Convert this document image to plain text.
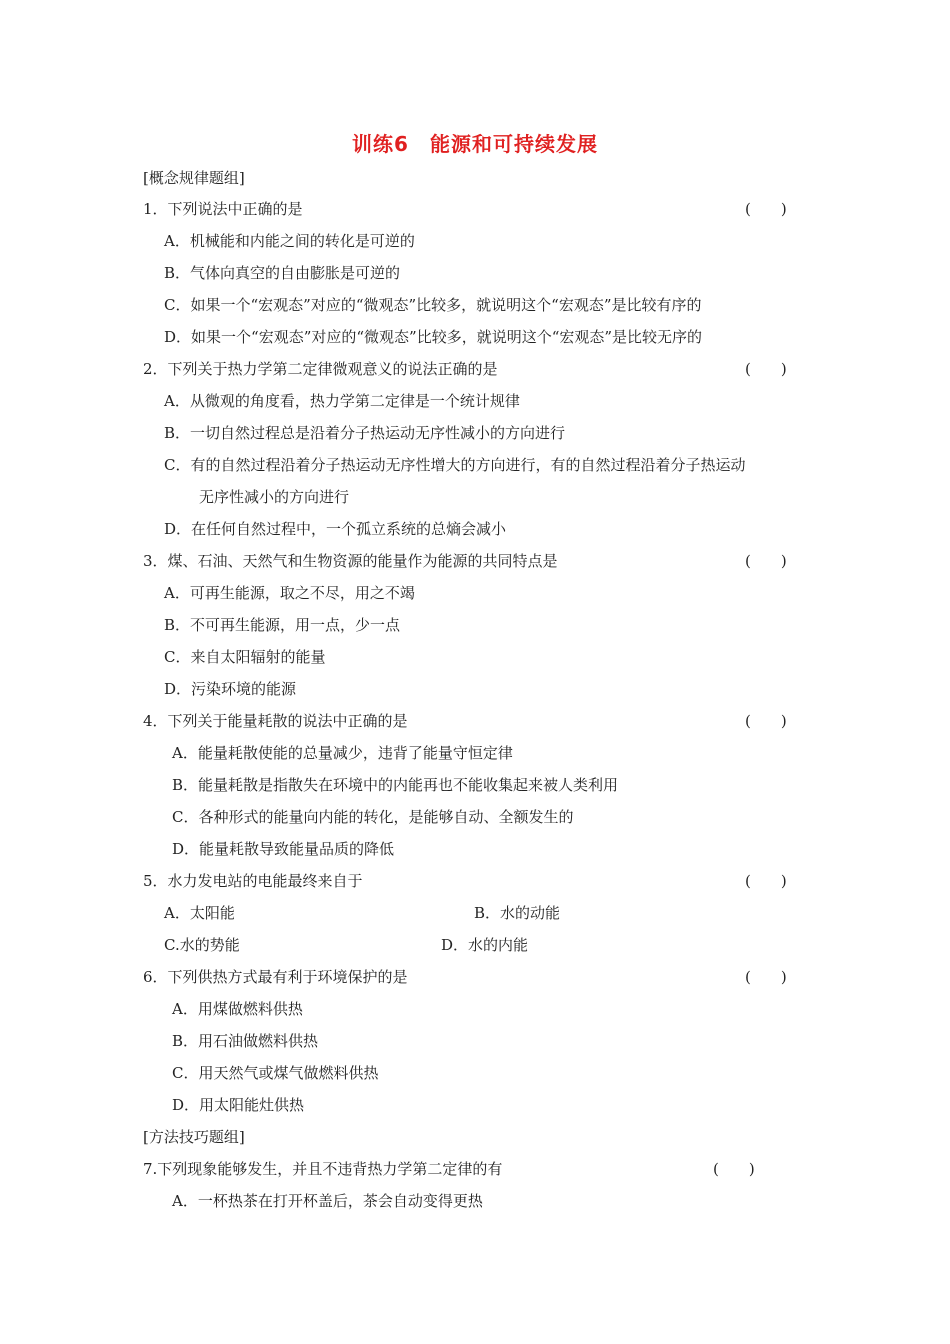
训练6　能源和可持续发展
[概念规律题组]
1．下列说法中正确的是	(　　)
A．机械能和内能之间的转化是可逆的
B．气体向真空的自由膨胀是可逆的
C．如果一个“宏观态”对应的“微观态”比较多，就说明这个“宏观态”是比较有序的
D．如果一个“宏观态”对应的“微观态”比较多，就说明这个“宏观态”是比较无序的
2．下列关于热力学第二定律微观意义的说法正确的是	(　　)
A．从微观的角度看，热力学第二定律是一个统计规律
B．一切自然过程总是沿着分子热运动无序性减小的方向进行
C．有的自然过程沿着分子热运动无序性增大的方向进行，有的自然过程沿着分子热运动
无序性减小的方向进行
D．在任何自然过程中，一个孤立系统的总熵会减小
3．煤、石油、天然气和生物资源的能量作为能源的共同特点是	(　　)
A．可再生能源，取之不尽，用之不竭
B．不可再生能源，用一点，少一点
C．来自太阳辐射的能量
D．污染环境的能源
4．下列关于能量耗散的说法中正确的是	(　　)
A．能量耗散使能的总量减少，违背了能量守恒定律
B．能量耗散是指散失在环境中的内能再也不能收集起来被人类利用
C．各种形式的能量向内能的转化，是能够自动、全额发生的
D．能量耗散导致能量品质的降低
5．水力发电站的电能最终来自于	(　　)
A．太阳能	B．水的动能
C.水的势能	D．水的内能
6．下列供热方式最有利于环境保护的是	(　　)
A．用煤做燃料供热
B．用石油做燃料供热
C．用天然气或煤气做燃料供热
D．用太阳能灶供热
[方法技巧题组]
7.下列现象能够发生，并且不违背热力学第二定律的有	(　　)
A．一杯热茶在打开杯盖后，茶会自动变得更热
